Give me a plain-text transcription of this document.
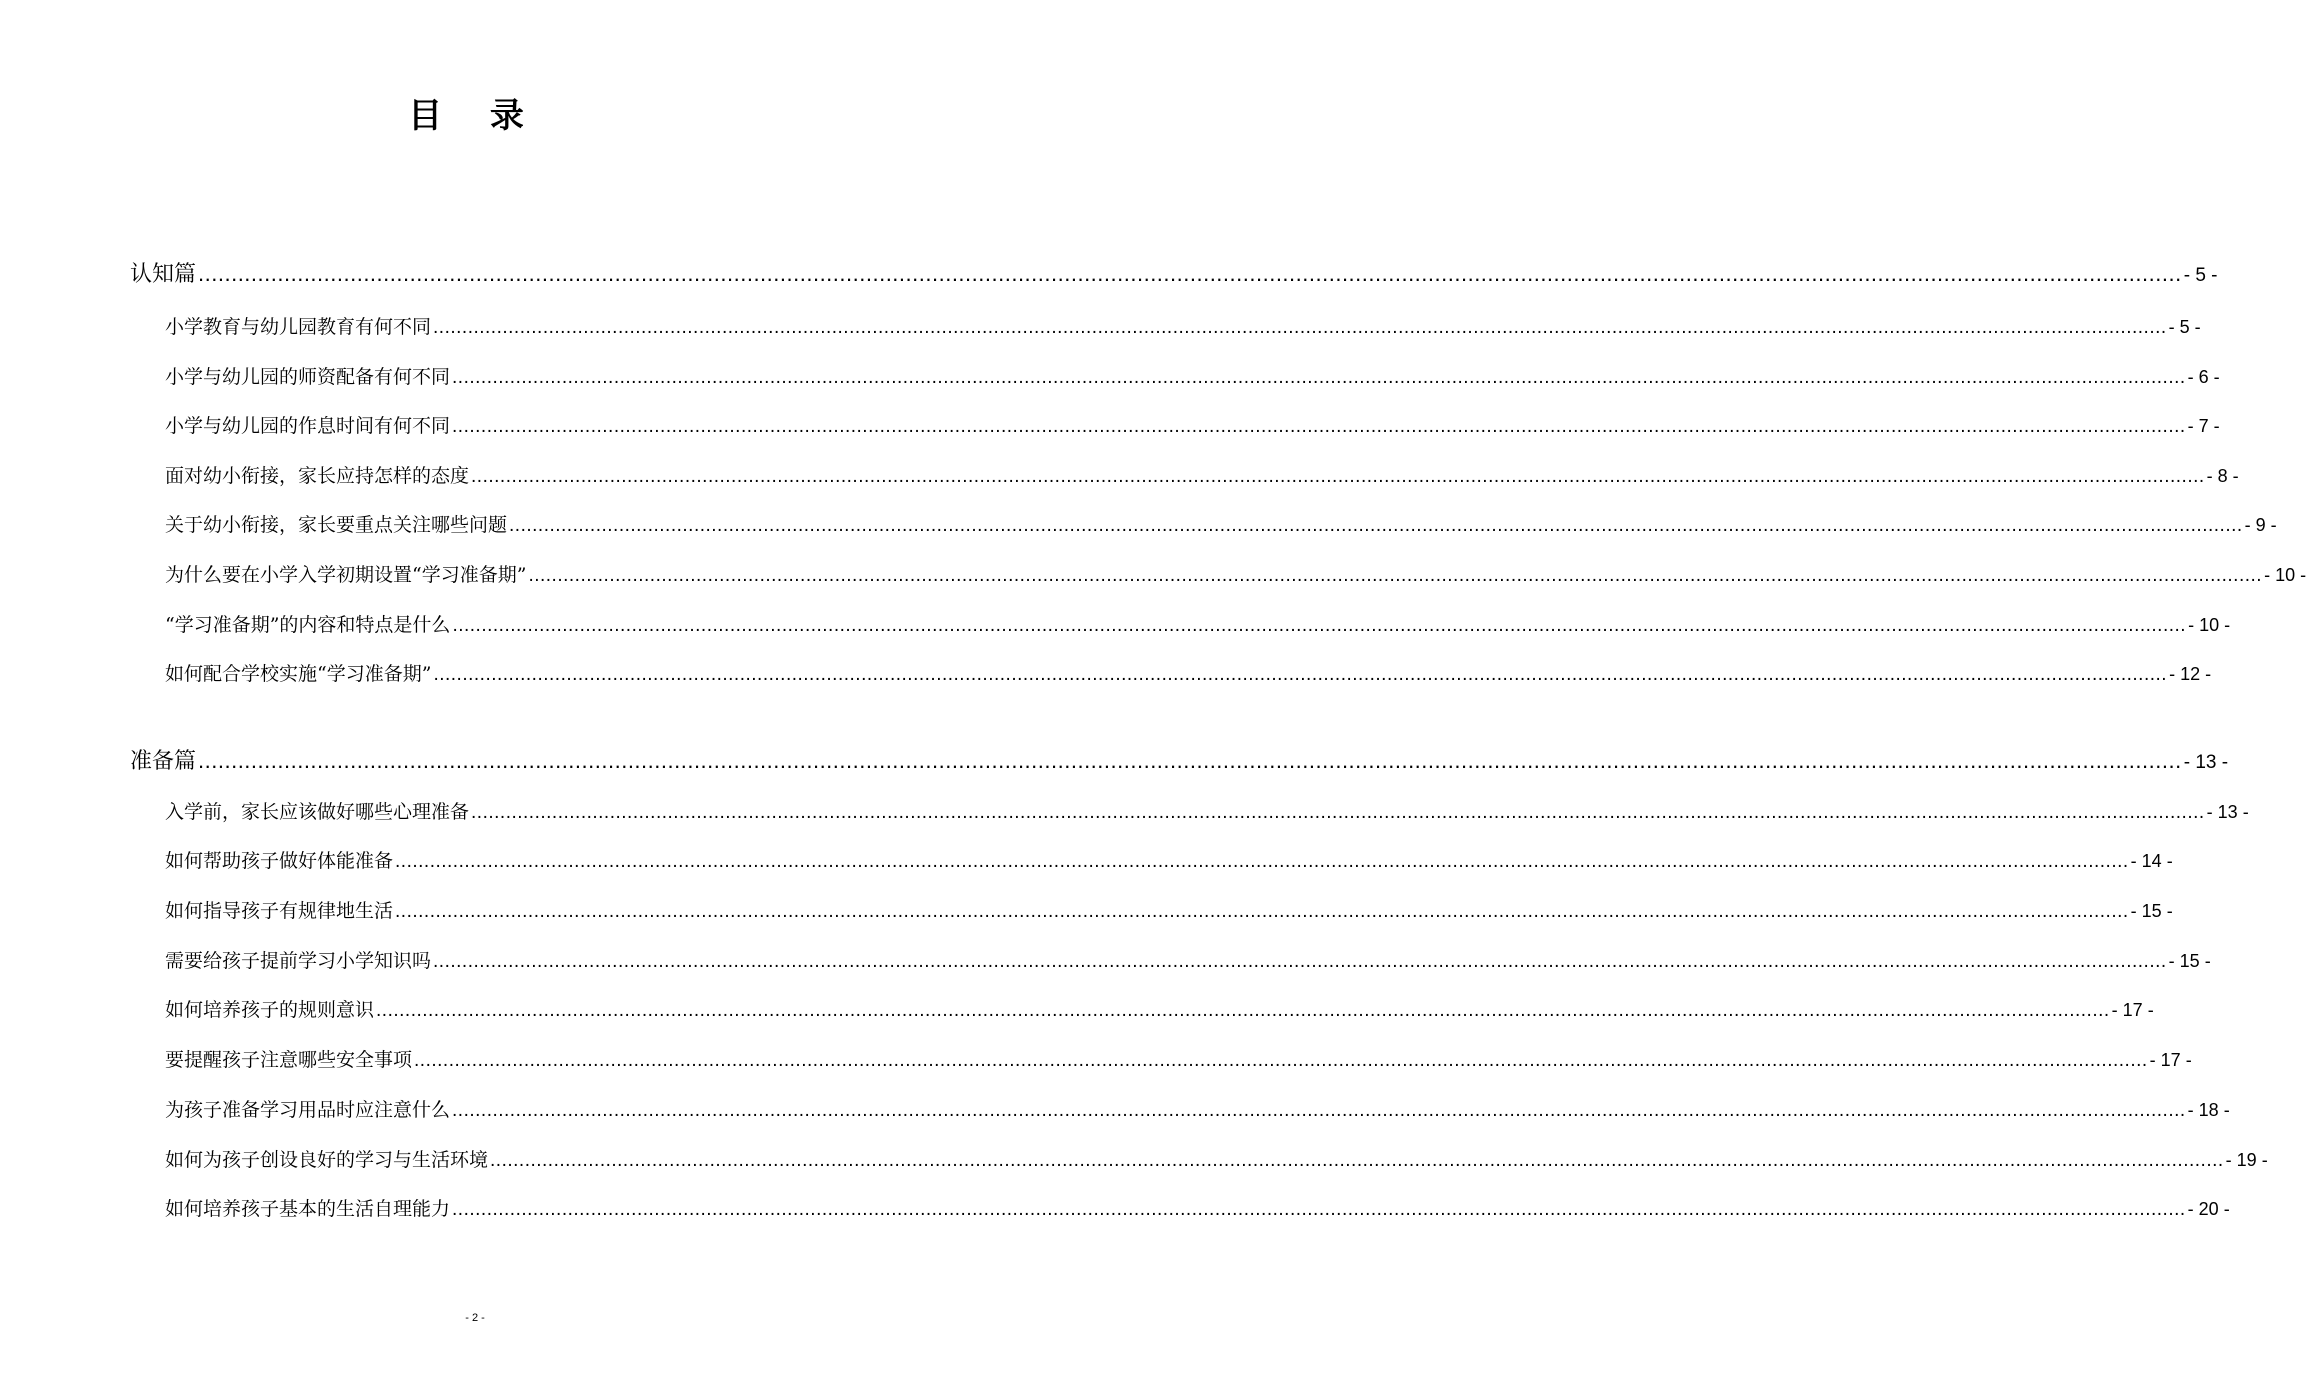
目 录
认知篇 ............................................................................................................................................................................................................................................................................................................ - 5 -
小学教育与幼儿园教育有何不同 ............................................................................................................................................................................................................................................................................................................ - 5 -
小学与幼儿园的师资配备有何不同 ............................................................................................................................................................................................................................................................................................................ - 6 -
小学与幼儿园的作息时间有何不同 ............................................................................................................................................................................................................................................................................................................ - 7 -
面对幼小衔接，家长应持怎样的态度 ............................................................................................................................................................................................................................................................................................................ - 8 -
关于幼小衔接，家长要重点关注哪些问题 ............................................................................................................................................................................................................................................................................................................ - 9 -
为什么要在小学入学初期设置“学习准备期” ............................................................................................................................................................................................................................................................................................................ - 10 -
“学习准备期”的内容和特点是什么 ............................................................................................................................................................................................................................................................................................................ - 10 -
如何配合学校实施“学习准备期” ............................................................................................................................................................................................................................................................................................................ - 12 -
准备篇 ............................................................................................................................................................................................................................................................................................................ - 13 -
入学前，家长应该做好哪些心理准备 ............................................................................................................................................................................................................................................................................................................ - 13 -
如何帮助孩子做好体能准备 ............................................................................................................................................................................................................................................................................................................ - 14 -
如何指导孩子有规律地生活 ............................................................................................................................................................................................................................................................................................................ - 15 -
需要给孩子提前学习小学知识吗 ............................................................................................................................................................................................................................................................................................................ - 15 -
如何培养孩子的规则意识 ............................................................................................................................................................................................................................................................................................................ - 17 -
要提醒孩子注意哪些安全事项 ............................................................................................................................................................................................................................................................................................................ - 17 -
为孩子准备学习用品时应注意什么 ............................................................................................................................................................................................................................................................................................................ - 18 -
如何为孩子创设良好的学习与生活环境 ............................................................................................................................................................................................................................................................................................................ - 19 -
如何培养孩子基本的生活自理能力 ............................................................................................................................................................................................................................................................................................................ - 20 -
- 2 -
